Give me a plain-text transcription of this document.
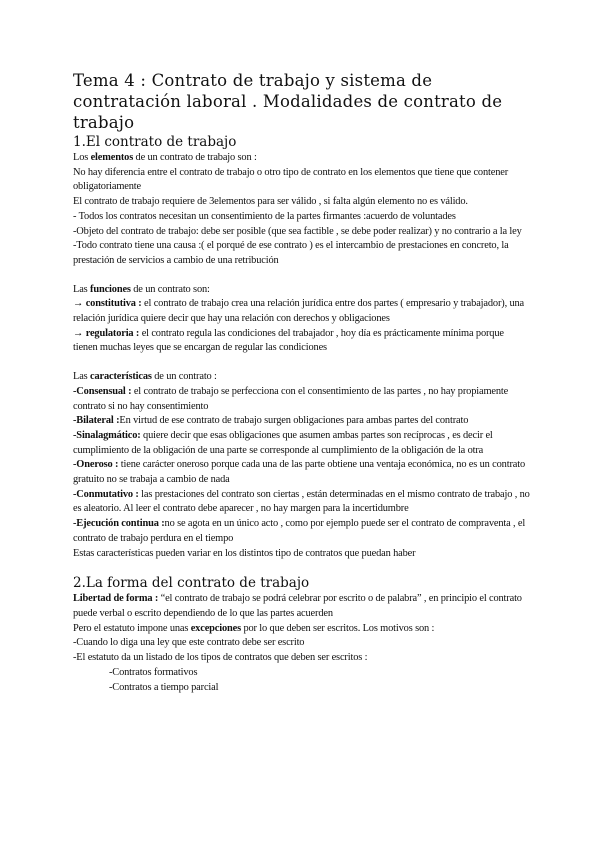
Tema 4 : Contrato de trabajo y sistema de contratación laboral . Modalidades de contrato de trabajo
1.El contrato de trabajo

Los elementos de un contrato de trabajo son :

No hay diferencia entre el contrato de trabajo o otro tipo de contrato en los elementos que tiene que contener obligatoriamente

El contrato de trabajo requiere de 3elementos para ser válido , si falta algún elemento no es válido.

- Todos los contratos necesitan un consentimiento de la partes firmantes :acuerdo de voluntades

-Objeto del contrato de trabajo: debe ser posible (que sea factible , se debe poder realizar) y no contrario a la ley

-Todo contrato tiene una causa :( el porqué de ese contrato ) es el intercambio de prestaciones en concreto, la prestación de servicios a cambio de una retribución

Las funciones de un contrato son:

→ constitutiva : el contrato de trabajo crea una relación jurídica entre dos partes ( empresario y trabajador), una relación jurídica quiere decir que hay una relación con derechos y obligaciones

→ regulatoria : el contrato regula las condiciones del trabajador , hoy día es prácticamente mínima porque tienen muchas leyes que se encargan de regular las condiciones

Las características de un contrato :

-Consensual : el contrato de trabajo se perfecciona con el consentimiento de las partes , no hay propiamente contrato si no hay consentimiento

-Bilateral :En virtud de ese contrato de trabajo surgen obligaciones para ambas partes del contrato

-Sinalagmático: quiere decir que esas obligaciones que asumen ambas partes son recíprocas , es decir el cumplimiento de la obligación de una parte se corresponde al cumplimiento de la obligación de la otra

-Oneroso : tiene carácter oneroso porque cada una de las parte obtiene una ventaja económica, no es un contrato gratuito no se trabaja a cambio de nada

-Conmutativo : las prestaciones del contrato son ciertas , están determinadas en el mismo contrato de trabajo , no es aleatorio. Al leer el contrato debe aparecer , no hay margen para la incertidumbre

-Ejecución continua :no se agota en un único acto , como por ejemplo puede ser el contrato de compraventa , el contrato de trabajo perdura en el tiempo

Estas características pueden variar en los distintos tipo de contratos que puedan haber

2.La forma del contrato de trabajo

Libertad de forma : “el contrato de trabajo se podrá celebrar por escrito o de palabra” , en principio el contrato puede verbal o escrito dependiendo de lo que las partes acuerden

Pero el estatuto impone unas excepciones por lo que deben ser escritos. Los motivos son :

-Cuando lo diga una ley que este contrato debe ser escrito

-El estatuto da un listado de los tipos de contratos que deben ser escritos :

-Contratos formativos

-Contratos a tiempo parcial
